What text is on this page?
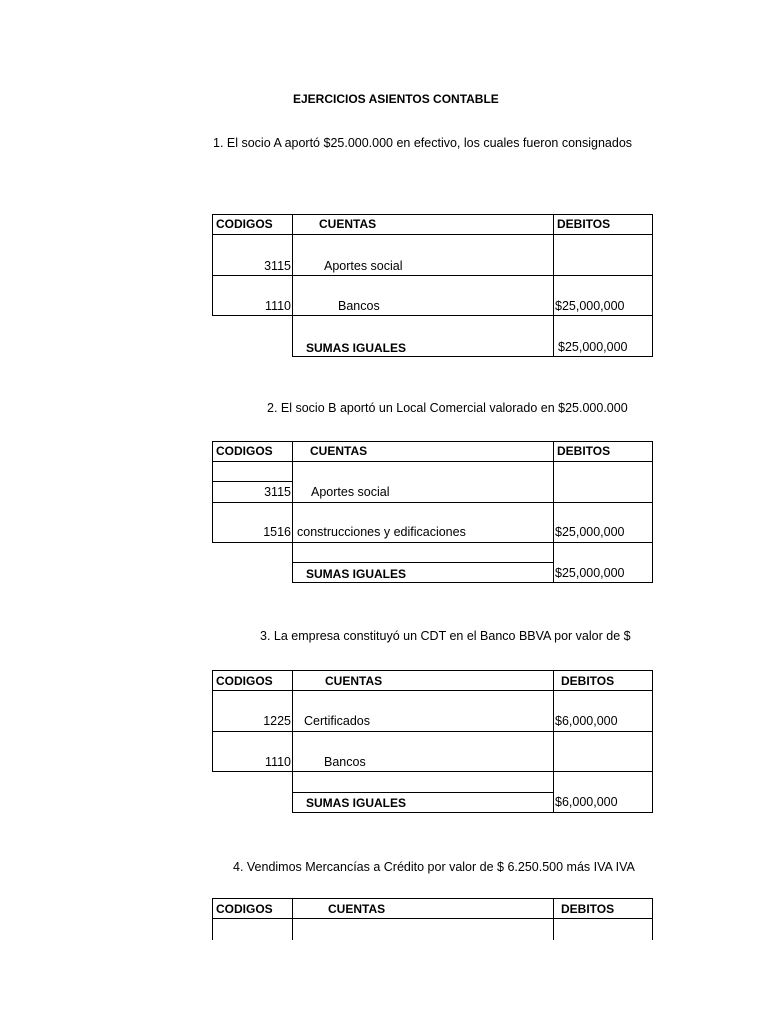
EJERCICIOS ASIENTOS CONTABLE
1. El socio A aportó $25.000.000 en efectivo, los cuales fueron consignados
CODIGOS	CUENTAS	DEBITOS
3115	Aportes social
1110	Bancos	$25,000,000
SUMAS IGUALES	$25,000,000
2. El socio B aportó un Local Comercial valorado en $25.000.000
CODIGOS	CUENTAS	DEBITOS
3115 Aportes social
1516 construcciones y edificaciones	$25,000,000
SUMAS IGUALES	$25,000,000
3. La empresa constituyó un CDT en el Banco BBVA por valor de $
CODIGOS	CUENTAS	DEBITOS
1225 Certificados	$6,000,000
1110	Bancos
SUMAS IGUALES	$6,000,000
4. Vendimos Mercancías a Crédito por valor de $ 6.250.500 más IVA IVA
CODIGOS	CUENTAS	DEBITOS
